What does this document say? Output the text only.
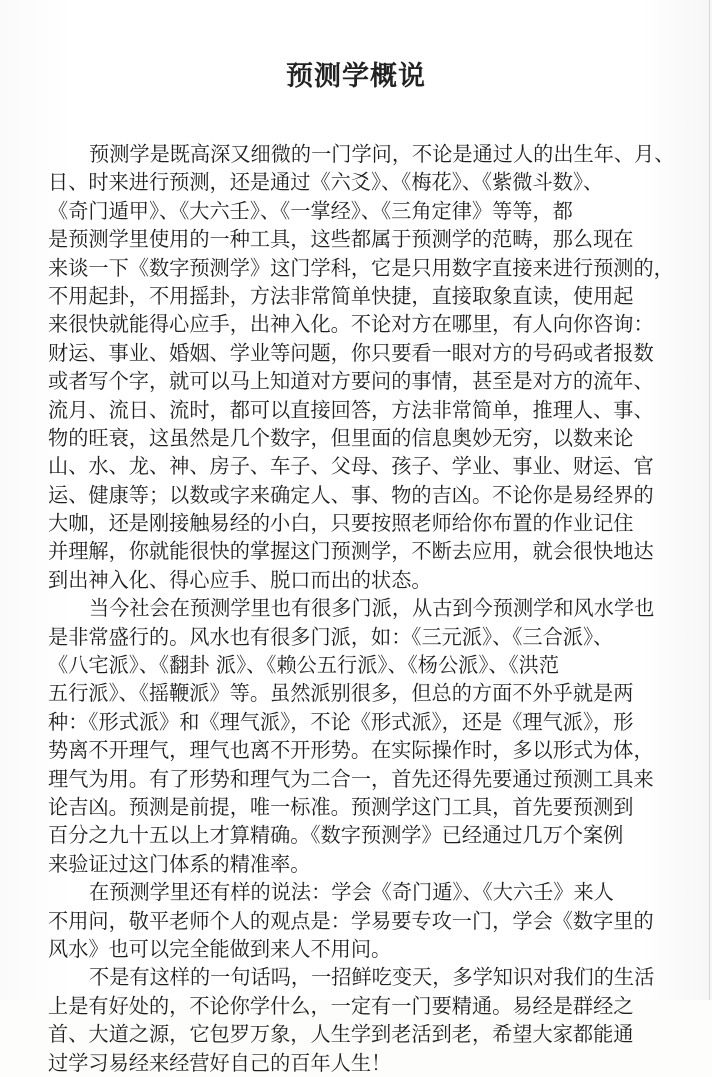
预测学概说
预测学是既高深又细微的一门学问，不论是通过人的出生年、月、
日、时来进行预测，还是通过《六爻》、《梅花》、《紫微斗数》、
《奇门遁甲》、《大六壬》、《一掌经》、《三角定律》等等，都
是预测学里使用的一种工具，这些都属于预测学的范畴，那么现在
来谈一下《数字预测学》这门学科，它是只用数字直接来进行预测的，
不用起卦，不用摇卦，方法非常简单快捷，直接取象直读，使用起
来很快就能得心应手，出神入化。不论对方在哪里，有人向你咨询：
财运、事业、婚姻、学业等问题，你只要看一眼对方的号码或者报数
或者写个字，就可以马上知道对方要问的事情，甚至是对方的流年、
流月、流日、流时，都可以直接回答，方法非常简单，推理人、事、
物的旺衰，这虽然是几个数字，但里面的信息奥妙无穷，以数来论
山、水、龙、神、房子、车子、父母、孩子、学业、事业、财运、官
运、健康等；以数或字来确定人、事、物的吉凶。不论你是易经界的
大咖，还是刚接触易经的小白，只要按照老师给你布置的作业记住
并理解，你就能很快的掌握这门预测学，不断去应用，就会很快地达
到出神入化、得心应手、脱口而出的状态。
当今社会在预测学里也有很多门派，从古到今预测学和风水学也
是非常盛行的。风水也有很多门派，如：《三元派》、《三合派》、
《八宅派》、《翻卦 派》、《赖公五行派》、《杨公派》、《洪范
五行派》、《摇鞭派》等。虽然派别很多，但总的方面不外乎就是两
种：《形式派》和《理气派》，不论《形式派》，还是《理气派》，形
势离不开理气，理气也离不开形势。在实际操作时，多以形式为体，
理气为用。有了形势和理气为二合一，首先还得先要通过预测工具来
论吉凶。预测是前提，唯一标准。预测学这门工具，首先要预测到
百分之九十五以上才算精确。《数字预测学》已经通过几万个案例
来验证过这门体系的精准率。
在预测学里还有样的说法：学会《奇门遁》、《大六壬》来人
不用问，敬平老师个人的观点是：学易要专攻一门，学会《数字里的
风水》也可以完全能做到来人不用问。
不是有这样的一句话吗，一招鲜吃变天，多学知识对我们的生活
上是有好处的，不论你学什么，一定有一门要精通。易经是群经之
首、大道之源，它包罗万象，人生学到老活到老，希望大家都能通
过学习易经来经营好自己的百年人生！
